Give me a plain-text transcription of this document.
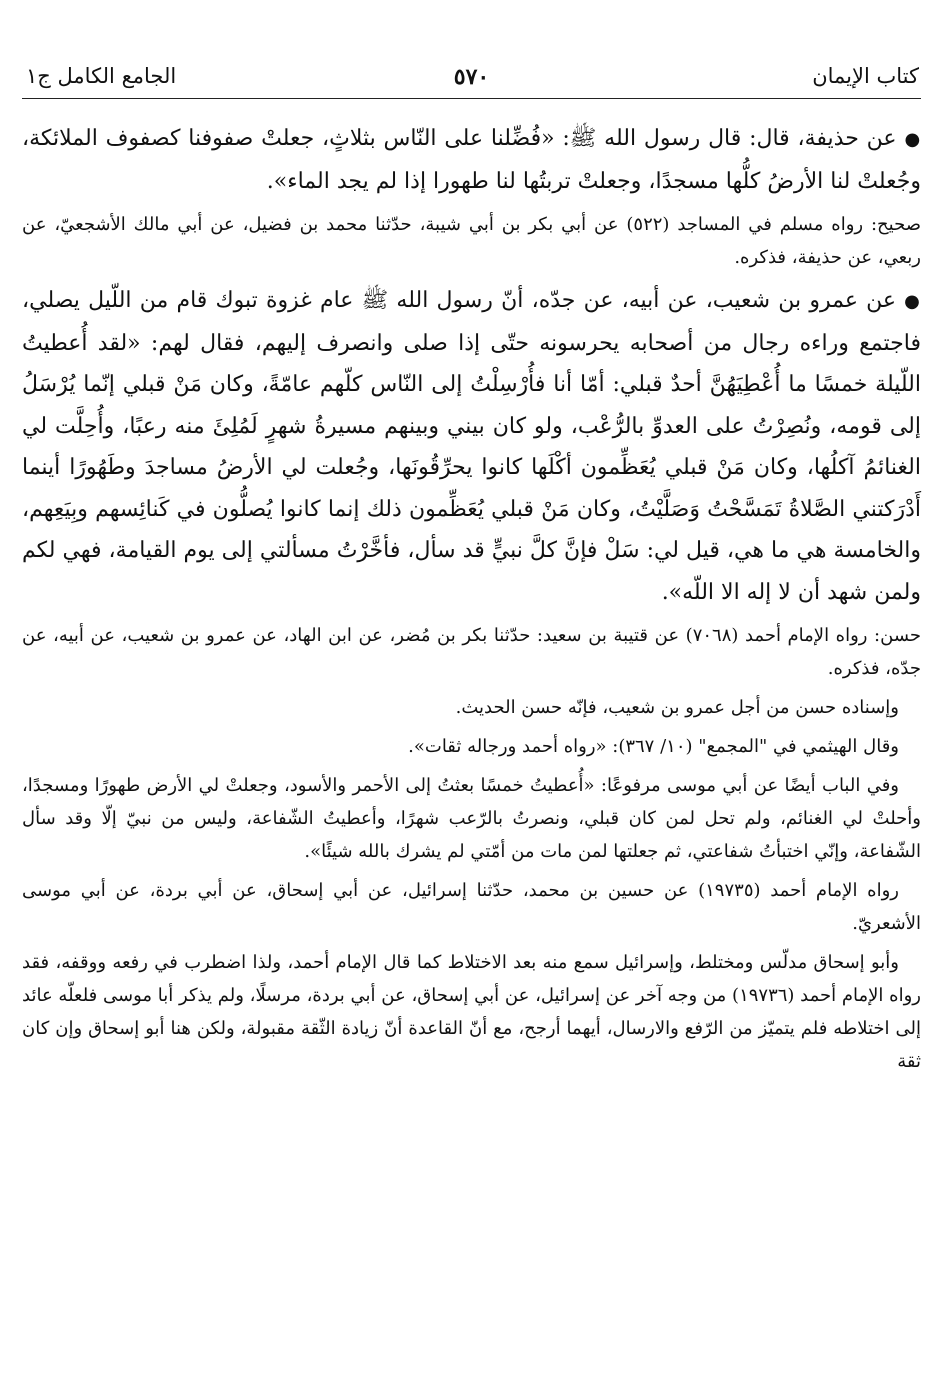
كتاب الإيمان
٥٧٠
الجامع الكامل ج١

●عن حذيفة، قال: قال رسول الله ﷺ: «فُضِّلنا على النّاس بثلاثٍ، جعلتْ صفوفنا كصفوف الملائكة، وجُعلتْ لنا الأرضُ كلُّها مسجدًا، وجعلتْ تربتُها لنا طهورا إذا لم يجد الماء».

صحيح: رواه مسلم في المساجد (٥٢٢) عن أبي بكر بن أبي شيبة، حدّثنا محمد بن فضيل، عن أبي مالك الأشجعيّ، عن ربعي، عن حذيفة، فذكره.

●عن عمرو بن شعيب، عن أبيه، عن جدّه، أنّ رسول الله ﷺ عام غزوة تبوك قام من اللّيل يصلي، فاجتمع وراءه رجال من أصحابه يحرسونه حتّى إذا صلى وانصرف إليهم، فقال لهم: «لقد أُعطيتُ اللّيلة خمسًا ما أُعْطِيَهُنَّ أحدٌ قبلي: أمّا أنا فأُرْسِلْتُ إلى النّاس كلّهم عامّةً، وكان مَنْ قبلي إنّما يُرْسَلُ إلى قومه، ونُصِرْتُ على العدوِّ بالرُّعْب، ولو كان بيني وبينهم مسيرةُ شهرٍ لَمُلِئَ منه رعبًا، وأُحِلَّت لي الغنائمُ آكلُها، وكان مَنْ قبلي يُعَظِّمون أكْلَها كانوا يحرِّقُونَها، وجُعلت لي الأرضُ مساجدَ وطَهُورًا أينما أَدْرَكتني الصَّلاةُ تَمَسَّحْتُ وَصَلَّيْتُ، وكان مَنْ قبلي يُعَظِّمون ذلك إنما كانوا يُصلُّون في كَنائِسهم وبِيَعِهم، والخامسة هي ما هي، قيل لي: سَلْ فإنَّ كلَّ نبيٍّ قد سأل، فأخَّرْتُ مسألتي إلى يوم القيامة، فهي لكم ولمن شهد أن لا إله الا اللّه».

حسن: رواه الإمام أحمد (٧٠٦٨) عن قتيبة بن سعيد: حدّثنا بكر بن مُضر، عن ابن الهاد، عن عمرو بن شعيب، عن أبيه، عن جدّه، فذكره.

وإسناده حسن من أجل عمرو بن شعيب، فإنّه حسن الحديث.

وقال الهيثمي في "المجمع" (١٠/ ٣٦٧): «رواه أحمد ورجاله ثقات».

وفي الباب أيضًا عن أبي موسى مرفوعًا: «أُعطيتُ خمسًا بعثتُ إلى الأحمر والأسود، وجعلتْ لي الأرض طهورًا ومسجدًا، وأحلتْ لي الغنائم، ولم تحل لمن كان قبلي، ونصرتُ بالرّعب شهرًا، وأعطيتُ الشّفاعة، وليس من نبيّ إلّا وقد سأل الشّفاعة، وإنّي اختبأتُ شفاعتي، ثم جعلتها لمن مات من أمّتي لم يشرك بالله شيئًا».

رواه الإمام أحمد (١٩٧٣٥) عن حسين بن محمد، حدّثنا إسرائيل، عن أبي إسحاق، عن أبي بردة، عن أبي موسى الأشعريّ.

وأبو إسحاق مدلّس ومختلط، وإسرائيل سمع منه بعد الاختلاط كما قال الإمام أحمد، ولذا اضطرب في رفعه ووقفه، فقد رواه الإمام أحمد (١٩٧٣٦) من وجه آخر عن إسرائيل، عن أبي إسحاق، عن أبي بردة، مرسلًا، ولم يذكر أبا موسى فلعلّه عائد إلى اختلاطه فلم يتميّز من الرّفع والارسال، أيهما أرجح، مع أنّ القاعدة أنّ زيادة الثّقة مقبولة، ولكن هنا أبو إسحاق وإن كان ثقة
